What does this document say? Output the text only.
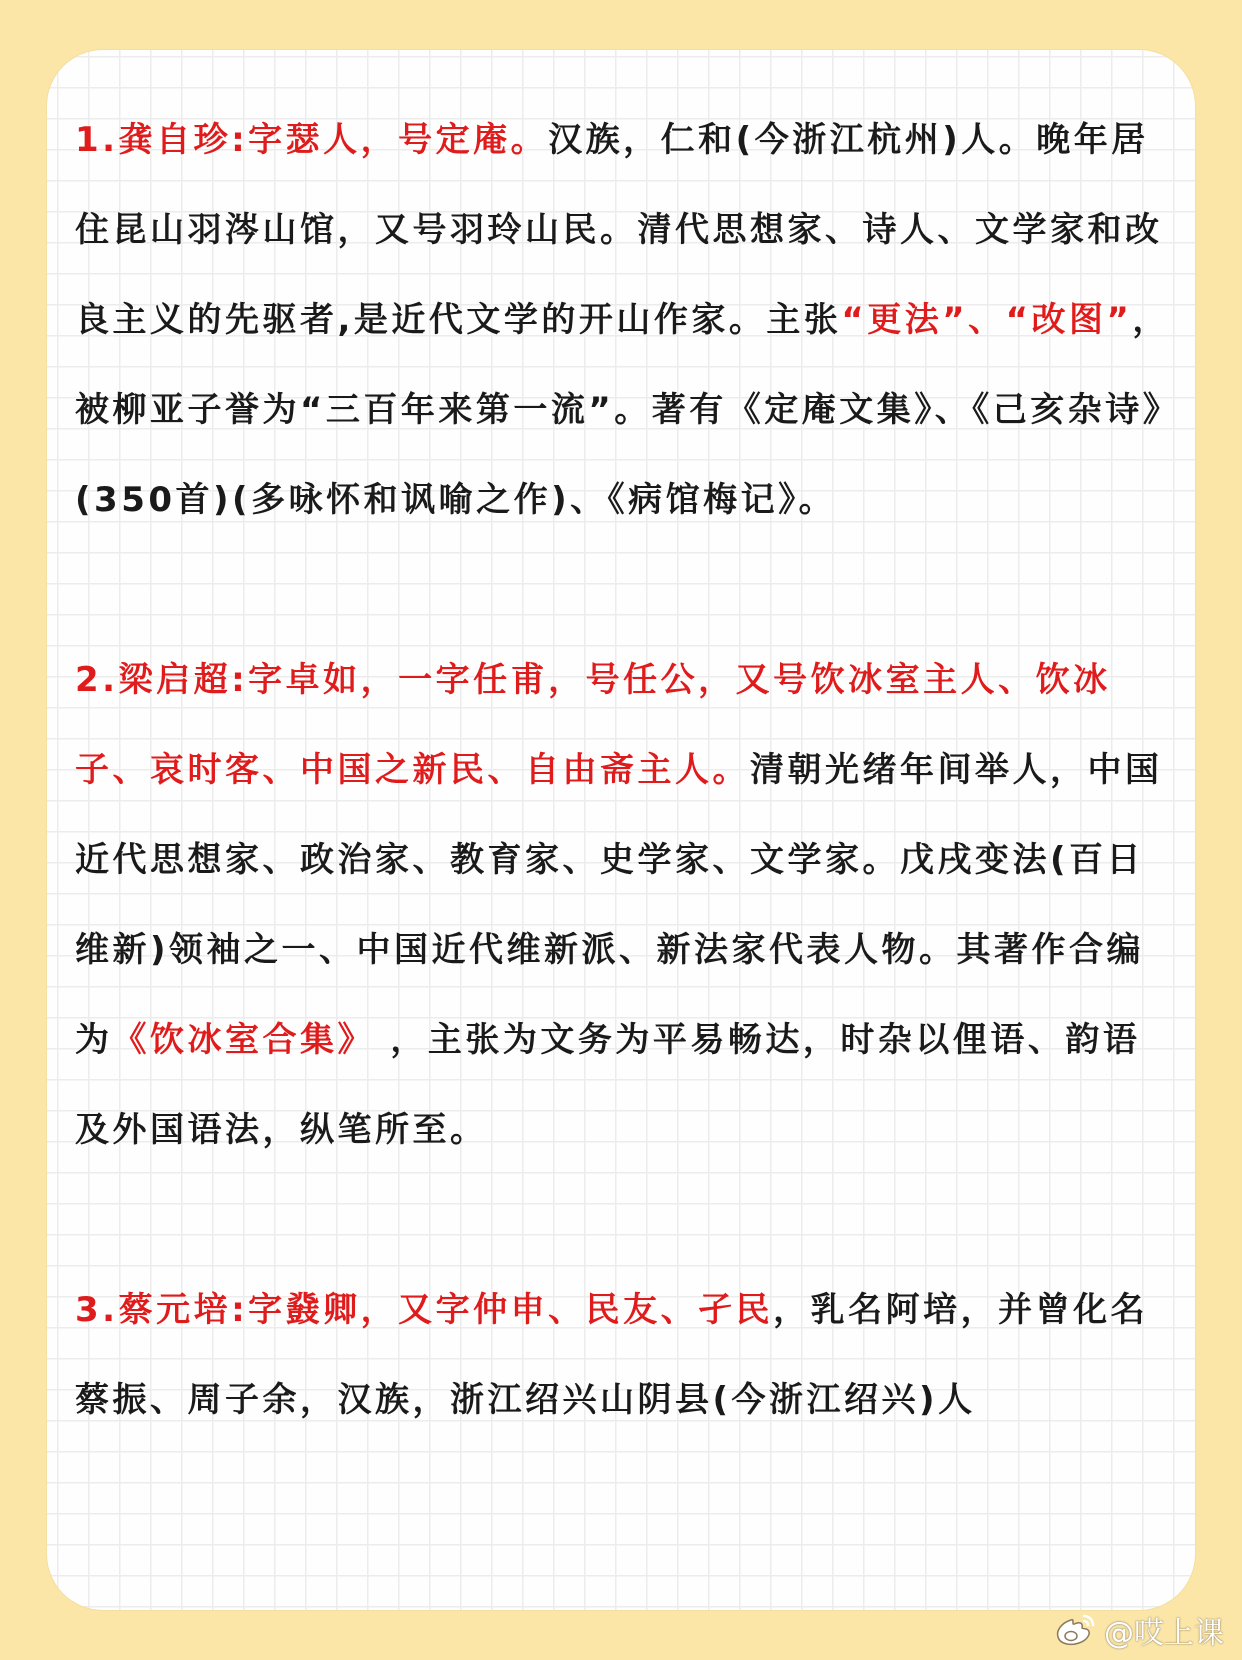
1.龚自珍:字瑟人，号定庵。汉族，仁和(今浙江杭州)人。晚年居住昆山羽涔山馆，又号羽玲山民。清代思想家、诗人、文学家和改良主义的先驱者,是近代文学的开山作家。主张“更法”、“改图”，被柳亚子誉为“三百年来第一流”。著有《定庵文集》、《己亥杂诗》(350首)(多咏怀和讽喻之作)、《病馆梅记》。

2.梁启超:字卓如，一字任甫，号任公，又号饮冰室主人、饮冰子、哀时客、中国之新民、自由斋主人。清朝光绪年间举人，中国近代思想家、政治家、教育家、史学家、文学家。戊戌变法(百日维新)领袖之一、中国近代维新派、新法家代表人物。其著作合编为《饮冰室合集》 ，主张为文务为平易畅达，时杂以俚语、韵语及外国语法，纵笔所至。

3.蔡元培:字鼗卿，又字仲申、民友、孑民，乳名阿培，并曾化名蔡振、周子余，汉族，浙江绍兴山阴县(今浙江绍兴)人

@哎上课
